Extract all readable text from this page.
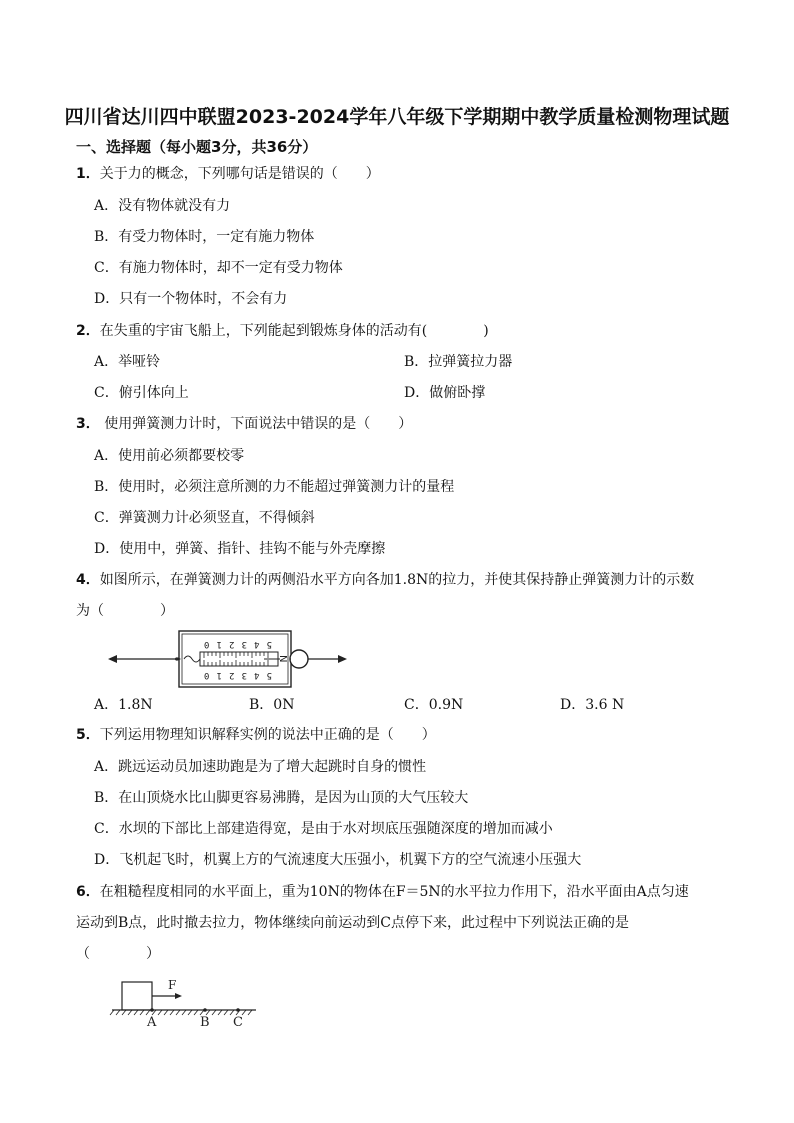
四川省达川四中联盟2023-2024学年八年级下学期期中教学质量检测物理试题
一、选择题（每小题3分，共36分）
1．关于力的概念，下列哪句话是错误的（　　）
A．没有物体就没有力
B．有受力物体时，一定有施力物体
C．有施力物体时，却不一定有受力物体
D．只有一个物体时，不会有力
2．在失重的宇宙飞船上，下列能起到锻炼身体的活动有(　　　　)
A．举哑铃	B．拉弹簧拉力器
C．俯引体向上	D．做俯卧撑
3． 使用弹簧测力计时，下面说法中错误的是（　　）
A．使用前必须都要校零
B．使用时，必须注意所测的力不能超过弹簧测力计的量程
C．弹簧测力计必须竖直，不得倾斜
D．使用中，弹簧、指针、挂钩不能与外壳摩擦
4．如图所示，在弹簧测力计的两侧沿水平方向各加1.8N的拉力，并使其保持静止弹簧测力计的示数
为（　　　　）
5 4 3 2 1 0
5 4 3 2 1 0
N
A．1.8N	B．0N	C．0.9N	D．3.6 N
5．下列运用物理知识解释实例的说法中正确的是（　　）
A．跳远运动员加速助跑是为了增大起跳时自身的惯性
B．在山顶烧水比山脚更容易沸腾，是因为山顶的大气压较大
C．水坝的下部比上部建造得宽，是由于水对坝底压强随深度的增加而减小
D．飞机起飞时，机翼上方的气流速度大压强小，机翼下方的空气流速小压强大
6．在粗糙程度相同的水平面上，重为10N的物体在F＝5N的水平拉力作用下，沿水平面由A点匀速
运动到B点，此时撤去拉力，物体继续向前运动到C点停下来，此过程中下列说法正确的是
（　　　　）
F
A	B C
